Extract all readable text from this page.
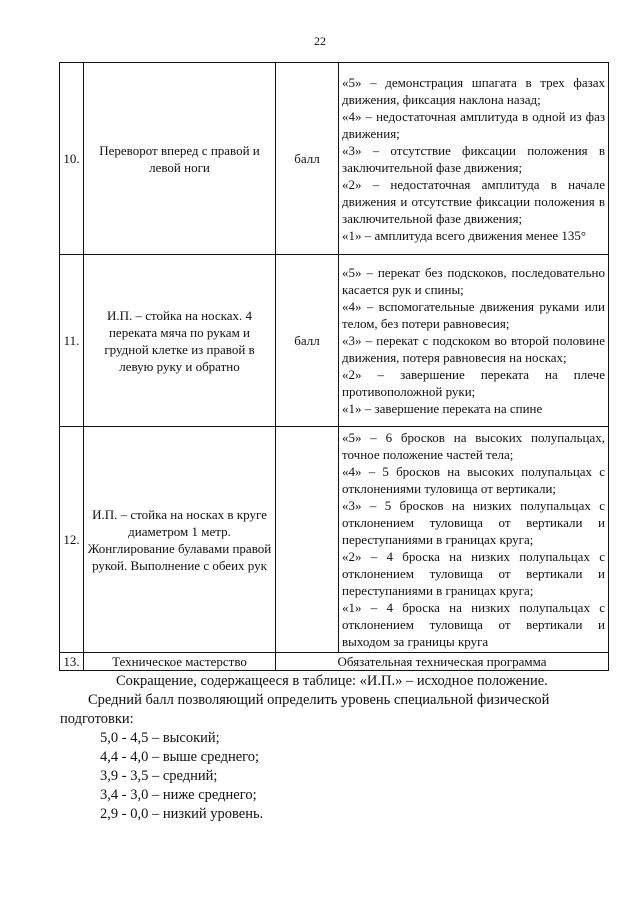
22
10.	Переворот вперед с правой и левой ноги	балл	«5» – демонстрация шпагата в трех фазах движения, фиксация наклона назад;
«4» – недостаточная амплитуда в одной из фаз движения;
«3» – отсутствие фиксации положения в заключительной фазе движения;
«2» – недостаточная амплитуда в начале движения и отсутствие фиксации положения в заключительной фазе движения;
«1» – амплитуда всего движения менее 135°

11.	И.П. – стойка на носках. 4 переката мяча по рукам и грудной клетке из правой в левую руку и обратно	балл	«5» – перекат без подскоков, последовательно касается рук и спины;
«4» – вспомогательные движения руками или телом, без потери равновесия;
«3» – перекат с подскоком во второй половине движения, потеря равновесия на носках;
«2» – завершение переката на плече противоположной руки;
«1» – завершение переката на спине

12.	И.П. – стойка на носках в круге диаметром 1 метр. Жонглирование булавами правой рукой. Выполнение с обеих рук		«5» – 6 бросков на высоких полупальцах, точное положение частей тела;
«4» – 5 бросков на высоких полупальцах с отклонениями туловища от вертикали;
«3» – 5 бросков на низких полупальцах с отклонением туловища от вертикали и переступаниями в границах круга;
«2» – 4 броска на низких полупальцах с отклонением туловища от вертикали и переступаниями в границах круга;
«1» – 4 броска на низких полупальцах с отклонением туловища от вертикали и выходом за границы круга

13.	Техническое мастерство	Обязательная техническая программа	

Сокращение, содержащееся в таблице: «И.П.» – исходное положение.

Средний балл позволяющий определить уровень специальной физической подготовки:

5,0 - 4,5 – высокий;
4,4 - 4,0 – выше среднего;
3,9 - 3,5 – средний;
3,4 - 3,0 – ниже среднего;
2,9 - 0,0 – низкий уровень.
